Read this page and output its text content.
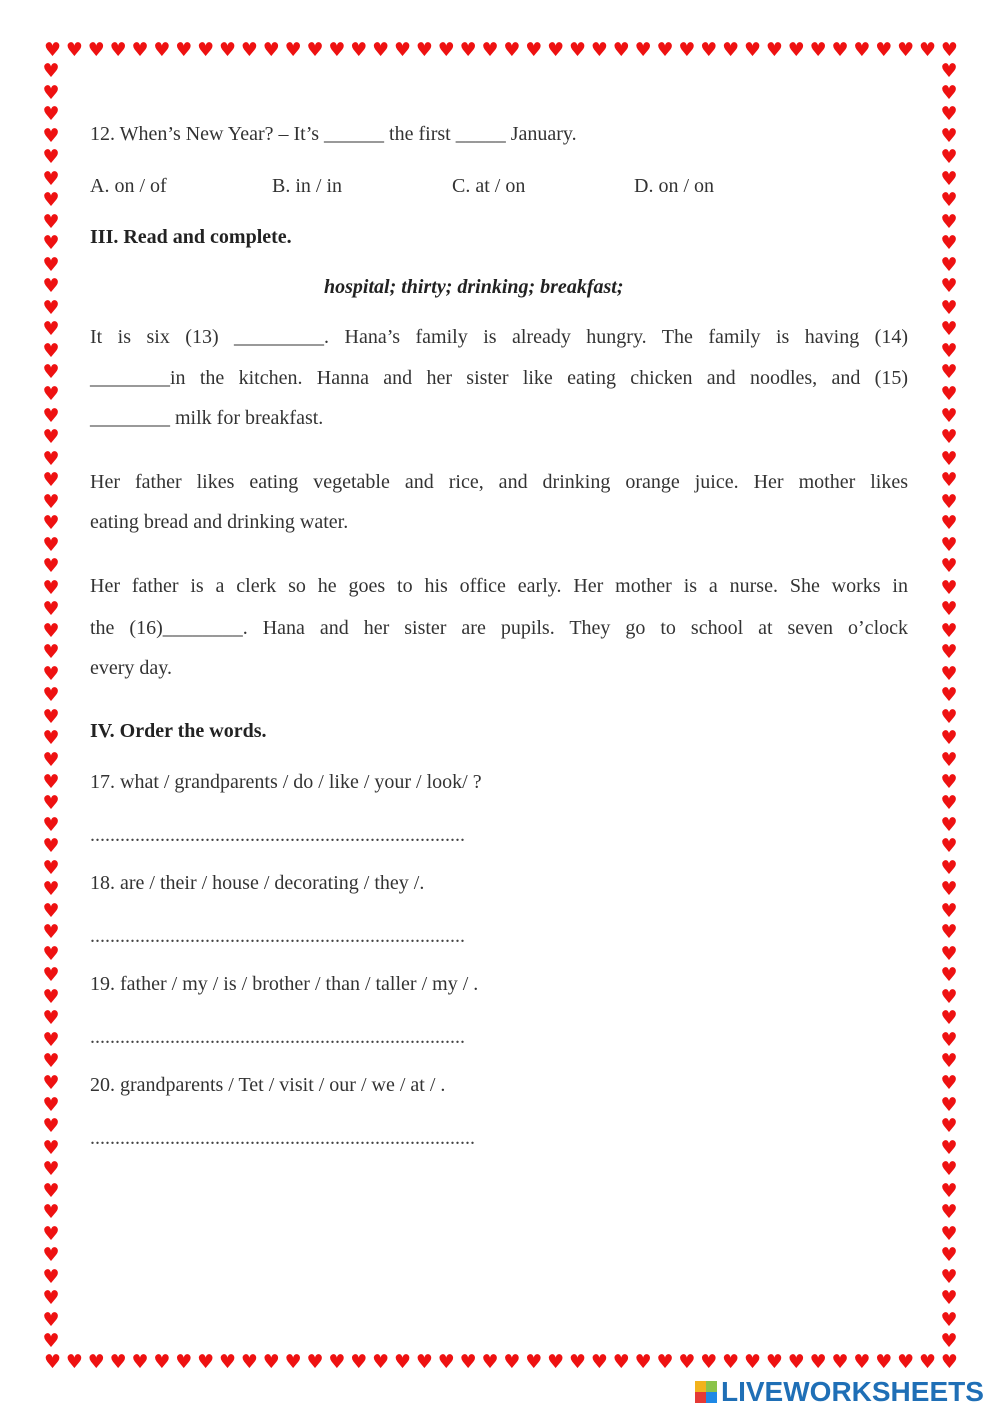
♥ ♥ ♥ ♥ ♥ ♥ ♥ ♥ ♥ ♥ ♥ ♥ ♥ ♥ ♥ ♥ ♥ ♥ ♥ ♥ ♥ ♥ ♥ ♥ ♥ ♥ ♥ ♥ ♥ ♥ ♥ ♥ ♥ ♥ ♥ ♥ ♥ ♥ ♥ ♥ ♥ ♥
♥ ♥ ♥ ♥ ♥ ♥ ♥ ♥ ♥ ♥ ♥ ♥ ♥ ♥ ♥ ♥ ♥ ♥ ♥ ♥ ♥ ♥ ♥ ♥ ♥ ♥ ♥ ♥ ♥ ♥ ♥ ♥ ♥ ♥ ♥ ♥ ♥ ♥ ♥ ♥ ♥ ♥
♥
♥
♥
♥
♥
♥
♥
♥
♥
♥
♥
♥
♥
♥
♥
♥
♥
♥
♥
♥
♥
♥
♥
♥
♥
♥
♥
♥
♥
♥
♥
♥
♥
♥
♥
♥
♥
♥
♥
♥
♥
♥
♥
♥
♥
♥
♥
♥
♥
♥
♥
♥
♥
♥
♥
♥
♥
♥
♥
♥
♥
♥
♥
♥
♥
♥
♥
♥
♥
♥
♥
♥
♥
♥
♥
♥
♥
♥
♥
♥
♥
♥
♥
♥
♥
♥
♥
♥
♥
♥
♥
♥
♥
♥
♥
♥
♥
♥
♥
♥
♥
♥
♥
♥
♥
♥
♥
♥
♥
♥
♥
♥
♥
♥
♥
♥
♥
♥
♥
♥
12. When’s New Year? – It’s ______ the first _____ January.
A. on / of	B. in / in	C. at / on	D. on / on
III. Read and complete.
hospital; thirty; drinking; breakfast;
It is six (13) _________. Hana’s family is already hungry. The family is having (14)
________in the kitchen. Hanna and her sister like eating chicken and noodles, and (15)
________ milk for breakfast.
Her father likes eating vegetable and rice, and drinking orange juice. Her mother likes
eating bread and drinking water.
Her father is a clerk so he goes to his office early. Her mother is a nurse. She works in
the (16)________. Hana and her sister are pupils. They go to school at seven o’clock
every day.
IV. Order the words.
17. what / grandparents / do / like / your / look/ ?
...........................................................................
18. are / their / house / decorating / they /.
...........................................................................
19. father / my / is / brother / than / taller / my / .
...........................................................................
20. grandparents / Tet / visit / our / we / at / .
.............................................................................
LIVEWORKSHEETS
